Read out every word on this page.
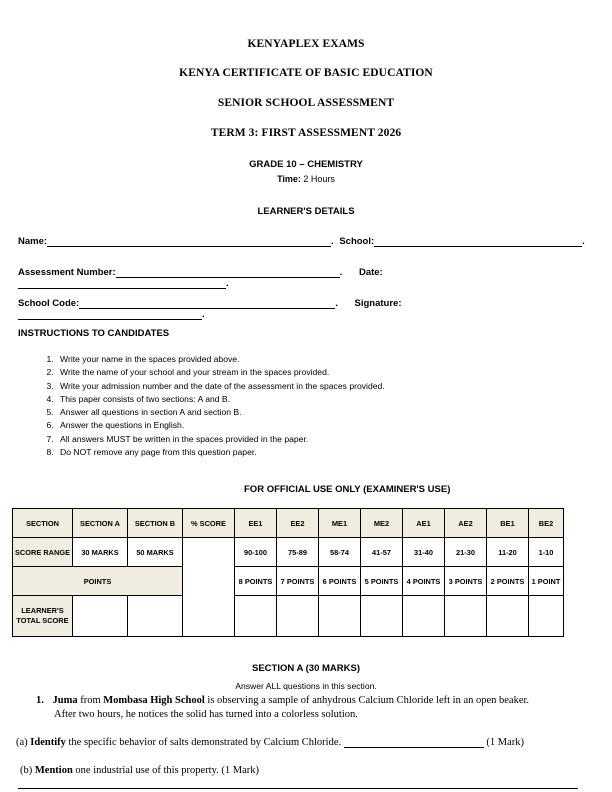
KENYAPLEX EXAMS
KENYA CERTIFICATE OF BASIC EDUCATION
SENIOR SCHOOL ASSESSMENT
TERM 3: FIRST ASSESSMENT 2026
GRADE 10 – CHEMISTRY
Time: 2 Hours
LEARNER'S DETAILS
Name:	. School:	.
Assessment Number:	. Date:.
School Code:	. Signature:.
INSTRUCTIONS TO CANDIDATES
1. Write your name in the spaces provided above.
2. Write the name of your school and your stream in the spaces provided.
3. Write your admission number and the date of the assessment in the spaces provided.
4. This paper consists of two sections: A and B.
5. Answer all questions in section A and section B.
6. Answer the questions in English.
7. All answers MUST be written in the spaces provided in the paper.
8. Do NOT remove any page from this question paper.
FOR OFFICIAL USE ONLY (EXAMINER'S USE)
SECTION	SECTION A	SECTION B	% SCORE	EE1	EE2	ME1	ME2	AE1	AE2	BE1	BE2
SCORE RANGE	30 MARKS	50 MARKS		90-100	75-89	58-74	41-57	31-40	21-30	11-20	1-10
POINTS				8 POINTS	7 POINTS	6 POINTS	5 POINTS	4 POINTS	3 POINTS	2 POINTS	1 POINT
LEARNER'S
TOTAL SCORE											
SECTION A (30 MARKS)
Answer ALL questions in this section.
1. Juma from Mombasa High School is observing a sample of anhydrous Calcium Chloride left in an open beaker.
After two hours, he notices the solid has turned into a colorless solution.
(a) Identify the specific behavior of salts demonstrated by Calcium Chloride.	(1 Mark)
(b) Mention one industrial use of this property. (1 Mark)
